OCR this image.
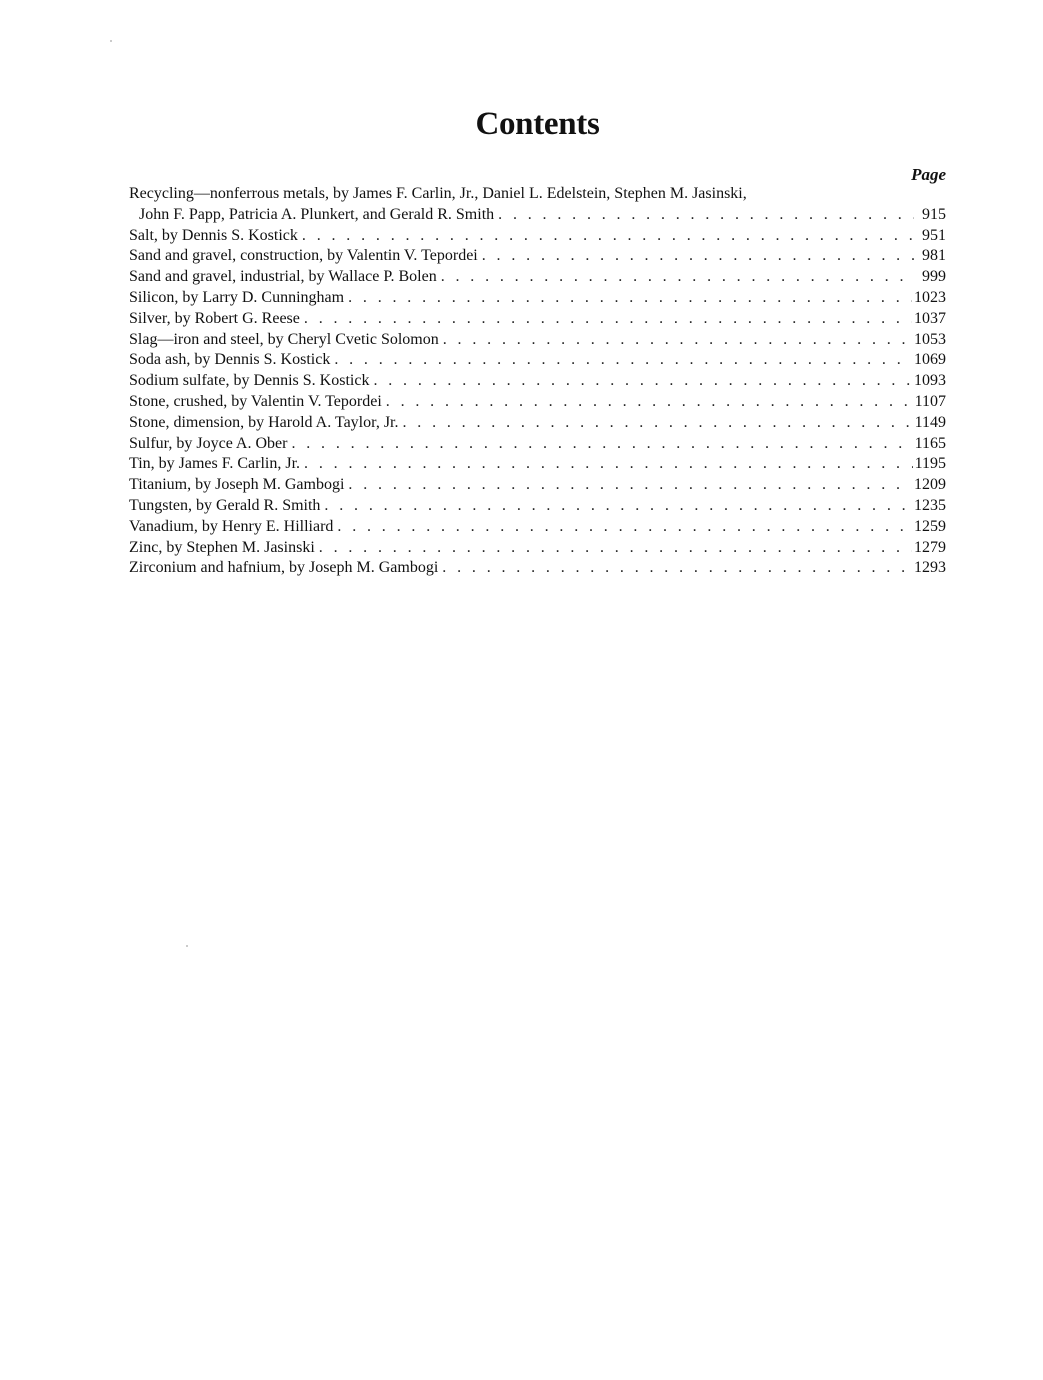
Contents
Page
Recycling—nonferrous metals, by James F. Carlin, Jr., Daniel L. Edelstein, Stephen M. Jasinski,
John F. Papp, Patricia A. Plunkert, and Gerald R. Smith . . .	915
Salt, by Dennis S. Kostick . . .	951
Sand and gravel, construction, by Valentin V. Tepordei . . .	981
Sand and gravel, industrial, by Wallace P. Bolen . . .	999
Silicon, by Larry D. Cunningham . . .	1023
Silver, by Robert G. Reese . . .	1037
Slag—iron and steel, by Cheryl Cvetic Solomon . . .	1053
Soda ash, by Dennis S. Kostick . . .	1069
Sodium sulfate, by Dennis S. Kostick . . .	1093
Stone, crushed, by Valentin V. Tepordei . . .	1107
Stone, dimension, by Harold A. Taylor, Jr. . . .	1149
Sulfur, by Joyce A. Ober . . .	1165
Tin, by James F. Carlin, Jr. . . .	1195
Titanium, by Joseph M. Gambogi . . .	1209
Tungsten, by Gerald R. Smith . . .	1235
Vanadium, by Henry E. Hilliard . . .	1259
Zinc, by Stephen M. Jasinski . . .	1279
Zirconium and hafnium, by Joseph M. Gambogi . . .	1293
